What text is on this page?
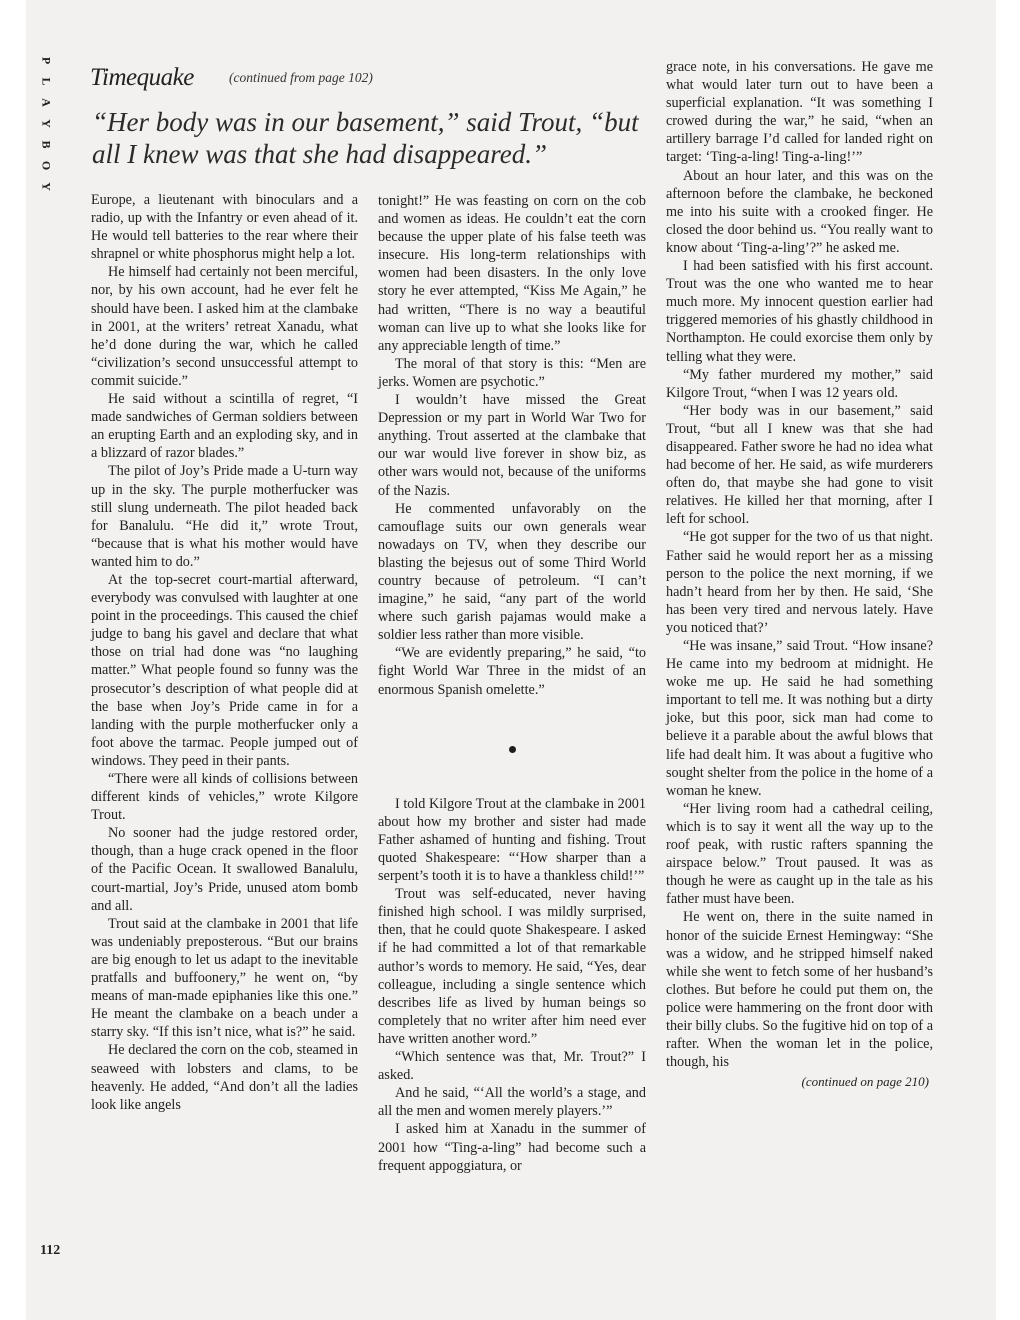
P
L
A
Y
B
O
Y
Timequake	(continued from page 102)
“Her body was in our basement,” said Trout, “but all I knew was that she had disappeared.”

Europe, a lieutenant with binoculars and a radio, up with the Infantry or even ahead of it. He would tell batteries to the rear where their shrapnel or white phosphorus might help a lot.

He himself had certainly not been merciful, nor, by his own account, had he ever felt he should have been. I asked him at the clambake in 2001, at the writers’ retreat Xanadu, what he’d done during the war, which he called “civilization’s second unsuccessful attempt to commit suicide.”

He said without a scintilla of regret, “I made sandwiches of German soldiers between an erupting Earth and an exploding sky, and in a blizzard of razor blades.”

The pilot of Joy’s Pride made a U-turn way up in the sky. The purple motherfucker was still slung underneath. The pilot headed back for Banalulu. “He did it,” wrote Trout, “because that is what his mother would have wanted him to do.”

At the top-secret court-martial afterward, everybody was convulsed with laughter at one point in the proceedings. This caused the chief judge to bang his gavel and declare that what those on trial had done was “no laughing matter.” What people found so funny was the prosecutor’s description of what people did at the base when Joy’s Pride came in for a landing with the purple motherfucker only a foot above the tarmac. People jumped out of windows. They peed in their pants.

“There were all kinds of collisions between different kinds of vehicles,” wrote Kilgore Trout.

No sooner had the judge restored order, though, than a huge crack opened in the floor of the Pacific Ocean. It swallowed Banalulu, court-martial, Joy’s Pride, unused atom bomb and all.

Trout said at the clambake in 2001 that life was undeniably preposterous. “But our brains are big enough to let us adapt to the inevitable pratfalls and buffoonery,” he went on, “by means of man-made epiphanies like this one.” He meant the clambake on a beach under a starry sky. “If this isn’t nice, what is?” he said.

He declared the corn on the cob, steamed in seaweed with lobsters and clams, to be heavenly. He added, “And don’t all the ladies look like angels

tonight!” He was feasting on corn on the cob and women as ideas. He couldn’t eat the corn because the upper plate of his false teeth was insecure. His long-term relationships with women had been disasters. In the only love story he ever attempted, “Kiss Me Again,” he had written, “There is no way a beautiful woman can live up to what she looks like for any appreciable length of time.”

The moral of that story is this: “Men are jerks. Women are psychotic.”

I wouldn’t have missed the Great Depression or my part in World War Two for anything. Trout asserted at the clambake that our war would live forever in show biz, as other wars would not, because of the uniforms of the Nazis.

He commented unfavorably on the camouflage suits our own generals wear nowadays on TV, when they describe our blasting the bejesus out of some Third World country because of petroleum. “I can’t imagine,” he said, “any part of the world where such garish pajamas would make a soldier less rather than more visible.

“We are evidently preparing,” he said, “to fight World War Three in the midst of an enormous Spanish omelette.”

I told Kilgore Trout at the clambake in 2001 about how my brother and sister had made Father ashamed of hunting and fishing. Trout quoted Shakespeare: “‘How sharper than a serpent’s tooth it is to have a thankless child!’”

Trout was self-educated, never having finished high school. I was mildly surprised, then, that he could quote Shakespeare. I asked if he had committed a lot of that remarkable author’s words to memory. He said, “Yes, dear colleague, including a single sentence which describes life as lived by human beings so completely that no writer after him need ever have written another word.”

“Which sentence was that, Mr. Trout?” I asked.

And he said, “‘All the world’s a stage, and all the men and women merely players.’”

I asked him at Xanadu in the summer of 2001 how “Ting-a-ling” had become such a frequent appoggiatura, or

grace note, in his conversations. He gave me what would later turn out to have been a superficial explanation. “It was something I crowed during the war,” he said, “when an artillery barrage I’d called for landed right on target: ‘Ting-a-ling! Ting-a-ling!’”

About an hour later, and this was on the afternoon before the clambake, he beckoned me into his suite with a crooked finger. He closed the door behind us. “You really want to know about ‘Ting-a-ling’?” he asked me.

I had been satisfied with his first account. Trout was the one who wanted me to hear much more. My innocent question earlier had triggered memories of his ghastly childhood in Northampton. He could exorcise them only by telling what they were.

“My father murdered my mother,” said Kilgore Trout, “when I was 12 years old.

“Her body was in our basement,” said Trout, “but all I knew was that she had disappeared. Father swore he had no idea what had become of her. He said, as wife murderers often do, that maybe she had gone to visit relatives. He killed her that morning, after I left for school.

“He got supper for the two of us that night. Father said he would report her as a missing person to the police the next morning, if we hadn’t heard from her by then. He said, ‘She has been very tired and nervous lately. Have you noticed that?’

“He was insane,” said Trout. “How insane? He came into my bedroom at midnight. He woke me up. He said he had something important to tell me. It was nothing but a dirty joke, but this poor, sick man had come to believe it a parable about the awful blows that life had dealt him. It was about a fugitive who sought shelter from the police in the home of a woman he knew.

“Her living room had a cathedral ceiling, which is to say it went all the way up to the roof peak, with rustic rafters spanning the airspace below.” Trout paused. It was as though he were as caught up in the tale as his father must have been.

He went on, there in the suite named in honor of the suicide Ernest Hemingway: “She was a widow, and he stripped himself naked while she went to fetch some of her husband’s clothes. But before he could put them on, the police were hammering on the front door with their billy clubs. So the fugitive hid on top of a rafter. When the woman let in the police, though, his

(continued on page 210)
112
